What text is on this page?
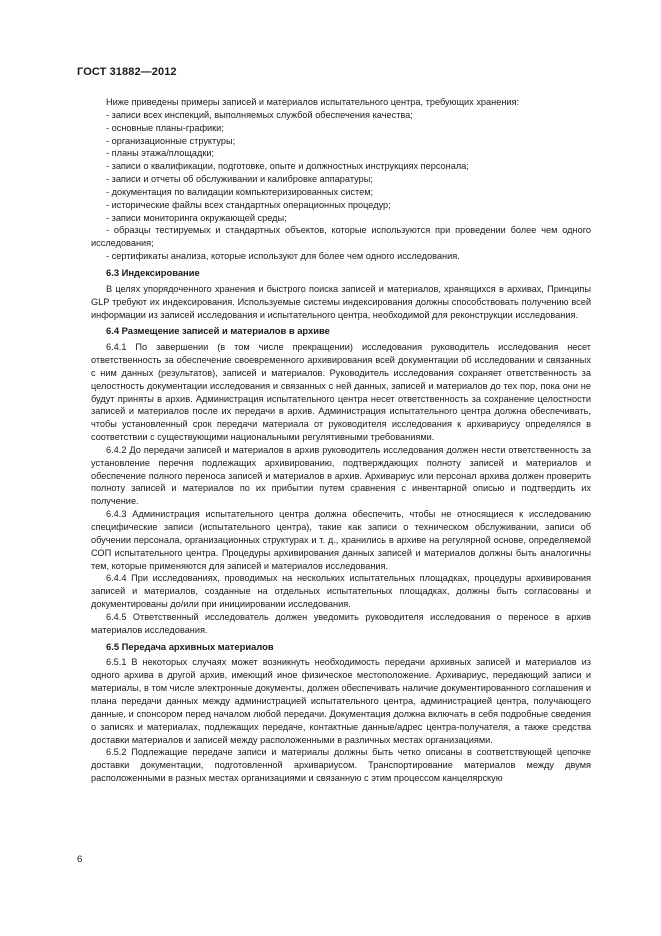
ГОСТ 31882—2012

Ниже приведены примеры записей и материалов испытательного центра, требующих хранения:

- записи всех инспекций, выполняемых службой обеспечения качества;

- основные планы-графики;

- организационные структуры;

- планы этажа/площадки;

- записи о квалификации, подготовке, опыте и должностных инструкциях персонала;

- записи и отчеты об обслуживании и калибровке аппаратуры;

- документация по валидации компьютеризированных систем;

- исторические файлы всех стандартных операционных процедур;

- записи мониторинга окружающей среды;

- образцы тестируемых и стандартных объектов, которые используются при проведении более чем одного исследования;

- сертификаты анализа, которые используют для более чем одного исследования.

6.3 Индексирование

В целях упорядоченного хранения и быстрого поиска записей и материалов, хранящихся в архивах, Принципы GLP требуют их индексирования. Используемые системы индексирования должны способствовать получению всей информации из записей исследования и испытательного центра, необходимой для реконструкции исследования.

6.4 Размещение записей и материалов в архиве

6.4.1 По завершении (в том числе прекращении) исследования руководитель исследования несет ответственность за обеспечение своевременного архивирования всей документации об исследовании и связанных с ним данных (результатов), записей и материалов. Руководитель исследования сохраняет ответственность за целостность документации исследования и связанных с ней данных, записей и материалов до тех пор, пока они не будут приняты в архив. Администрация испытательного центра несет ответственность за сохранение целостности записей и материалов после их передачи в архив. Администрация испытательного центра должна обеспечивать, чтобы установленный срок передачи материала от руководителя исследования к архивариусу определялся в соответствии с существующими национальными регулятивными требованиями.

6.4.2 До передачи записей и материалов в архив руководитель исследования должен нести ответственность за установление перечня подлежащих архивированию, подтверждающих полноту записей и материалов и обеспечение полного переноса записей и материалов в архив. Архивариус или персонал архива должен проверить полноту записей и материалов по их прибытии путем сравнения с инвентарной описью и подтвердить их получение.

6.4.3 Администрация испытательного центра должна обеспечить, чтобы не относящиеся к исследованию специфические записи (испытательного центра), такие как записи о техническом обслуживании, записи об обучении персонала, организационных структурах и т. д., хранились в архиве на регулярной основе, определяемой СОП испытательного центра. Процедуры архивирования данных записей и материалов должны быть аналогичны тем, которые применяются для записей и материалов исследования.

6.4.4 При исследованиях, проводимых на нескольких испытательных площадках, процедуры архивирования записей и материалов, созданные на отдельных испытательных площадках, должны быть согласованы и документированы до/или при инициировании исследования.

6.4.5 Ответственный исследователь должен уведомить руководителя исследования о переносе в архив материалов исследования.

6.5 Передача архивных материалов

6.5.1 В некоторых случаях может возникнуть необходимость передачи архивных записей и материалов из одного архива в другой архив, имеющий иное физическое местоположение. Архивариус, передающий записи и материалы, в том числе электронные документы, должен обеспечивать наличие документированного соглашения и плана передачи данных между администрацией испытательного центра, администрацией центра, получающего данные, и спонсором перед началом любой передачи. Документация должна включать в себя подробные сведения о записях и материалах, подлежащих передаче, контактные данные/адрес центра-получателя, а также средства доставки материалов и записей между расположенными в различных местах организациями.

6.5.2 Подлежащие передаче записи и материалы должны быть четко описаны в соответствующей цепочке доставки документации, подготовленной архивариусом. Транспортирование материалов между двумя расположенными в разных местах организациями и связанную с этим процессом канцелярскую

6
